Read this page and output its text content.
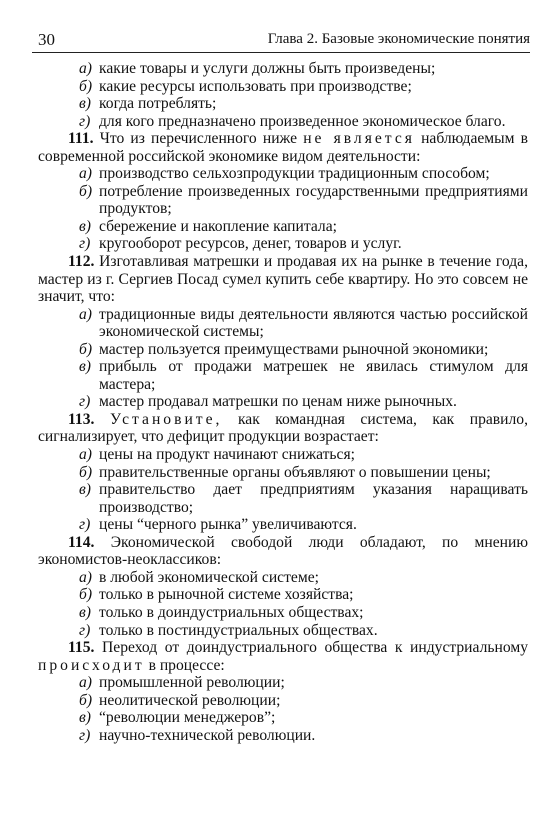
30	Глава 2. Базовые экономические понятия

а) какие товары и услуги должны быть произведены;

б) какие ресурсы использовать при производстве;

в) когда потреблять;

г) для кого предназначено произведенное экономическое благо.

111. Что из перечисленного ниже не является наблюдаемым в современной российской экономике видом деятельности:

а) производство сельхозпродукции традиционным способом;

б) потребление произведенных государственными предприятиями продуктов;

в) сбережение и накопление капитала;

г) кругооборот ресурсов, денег, товаров и услуг.

112. Изготавливая матрешки и продавая их на рынке в течение года, мастер из г. Сергиев Посад сумел купить себе квартиру. Но это совсем не значит, что:

а) традиционные виды деятельности являются частью российской экономической системы;

б) мастер пользуется преимуществами рыночной экономики;

в) прибыль от продажи матрешек не явилась стимулом для мастера;

г) мастер продавал матрешки по ценам ниже рыночных.

113. Установите, как командная система, как правило, сигнализирует, что дефицит продукции возрастает:

а) цены на продукт начинают снижаться;

б) правительственные органы объявляют о повышении цены;

в) правительство дает предприятиям указания наращивать производство;

г) цены “черного рынка” увеличиваются.

114. Экономической свободой люди обладают, по мнению экономистов-неоклассиков:

а) в любой экономической системе;

б) только в рыночной системе хозяйства;

в) только в доиндустриальных обществах;

г) только в постиндустриальных обществах.

115. Переход от доиндустриального общества к индустриальному происходит в процессе:

а) промышленной революции;

б) неолитической революции;

в) “революции менеджеров”;

г) научно-технической революции.
